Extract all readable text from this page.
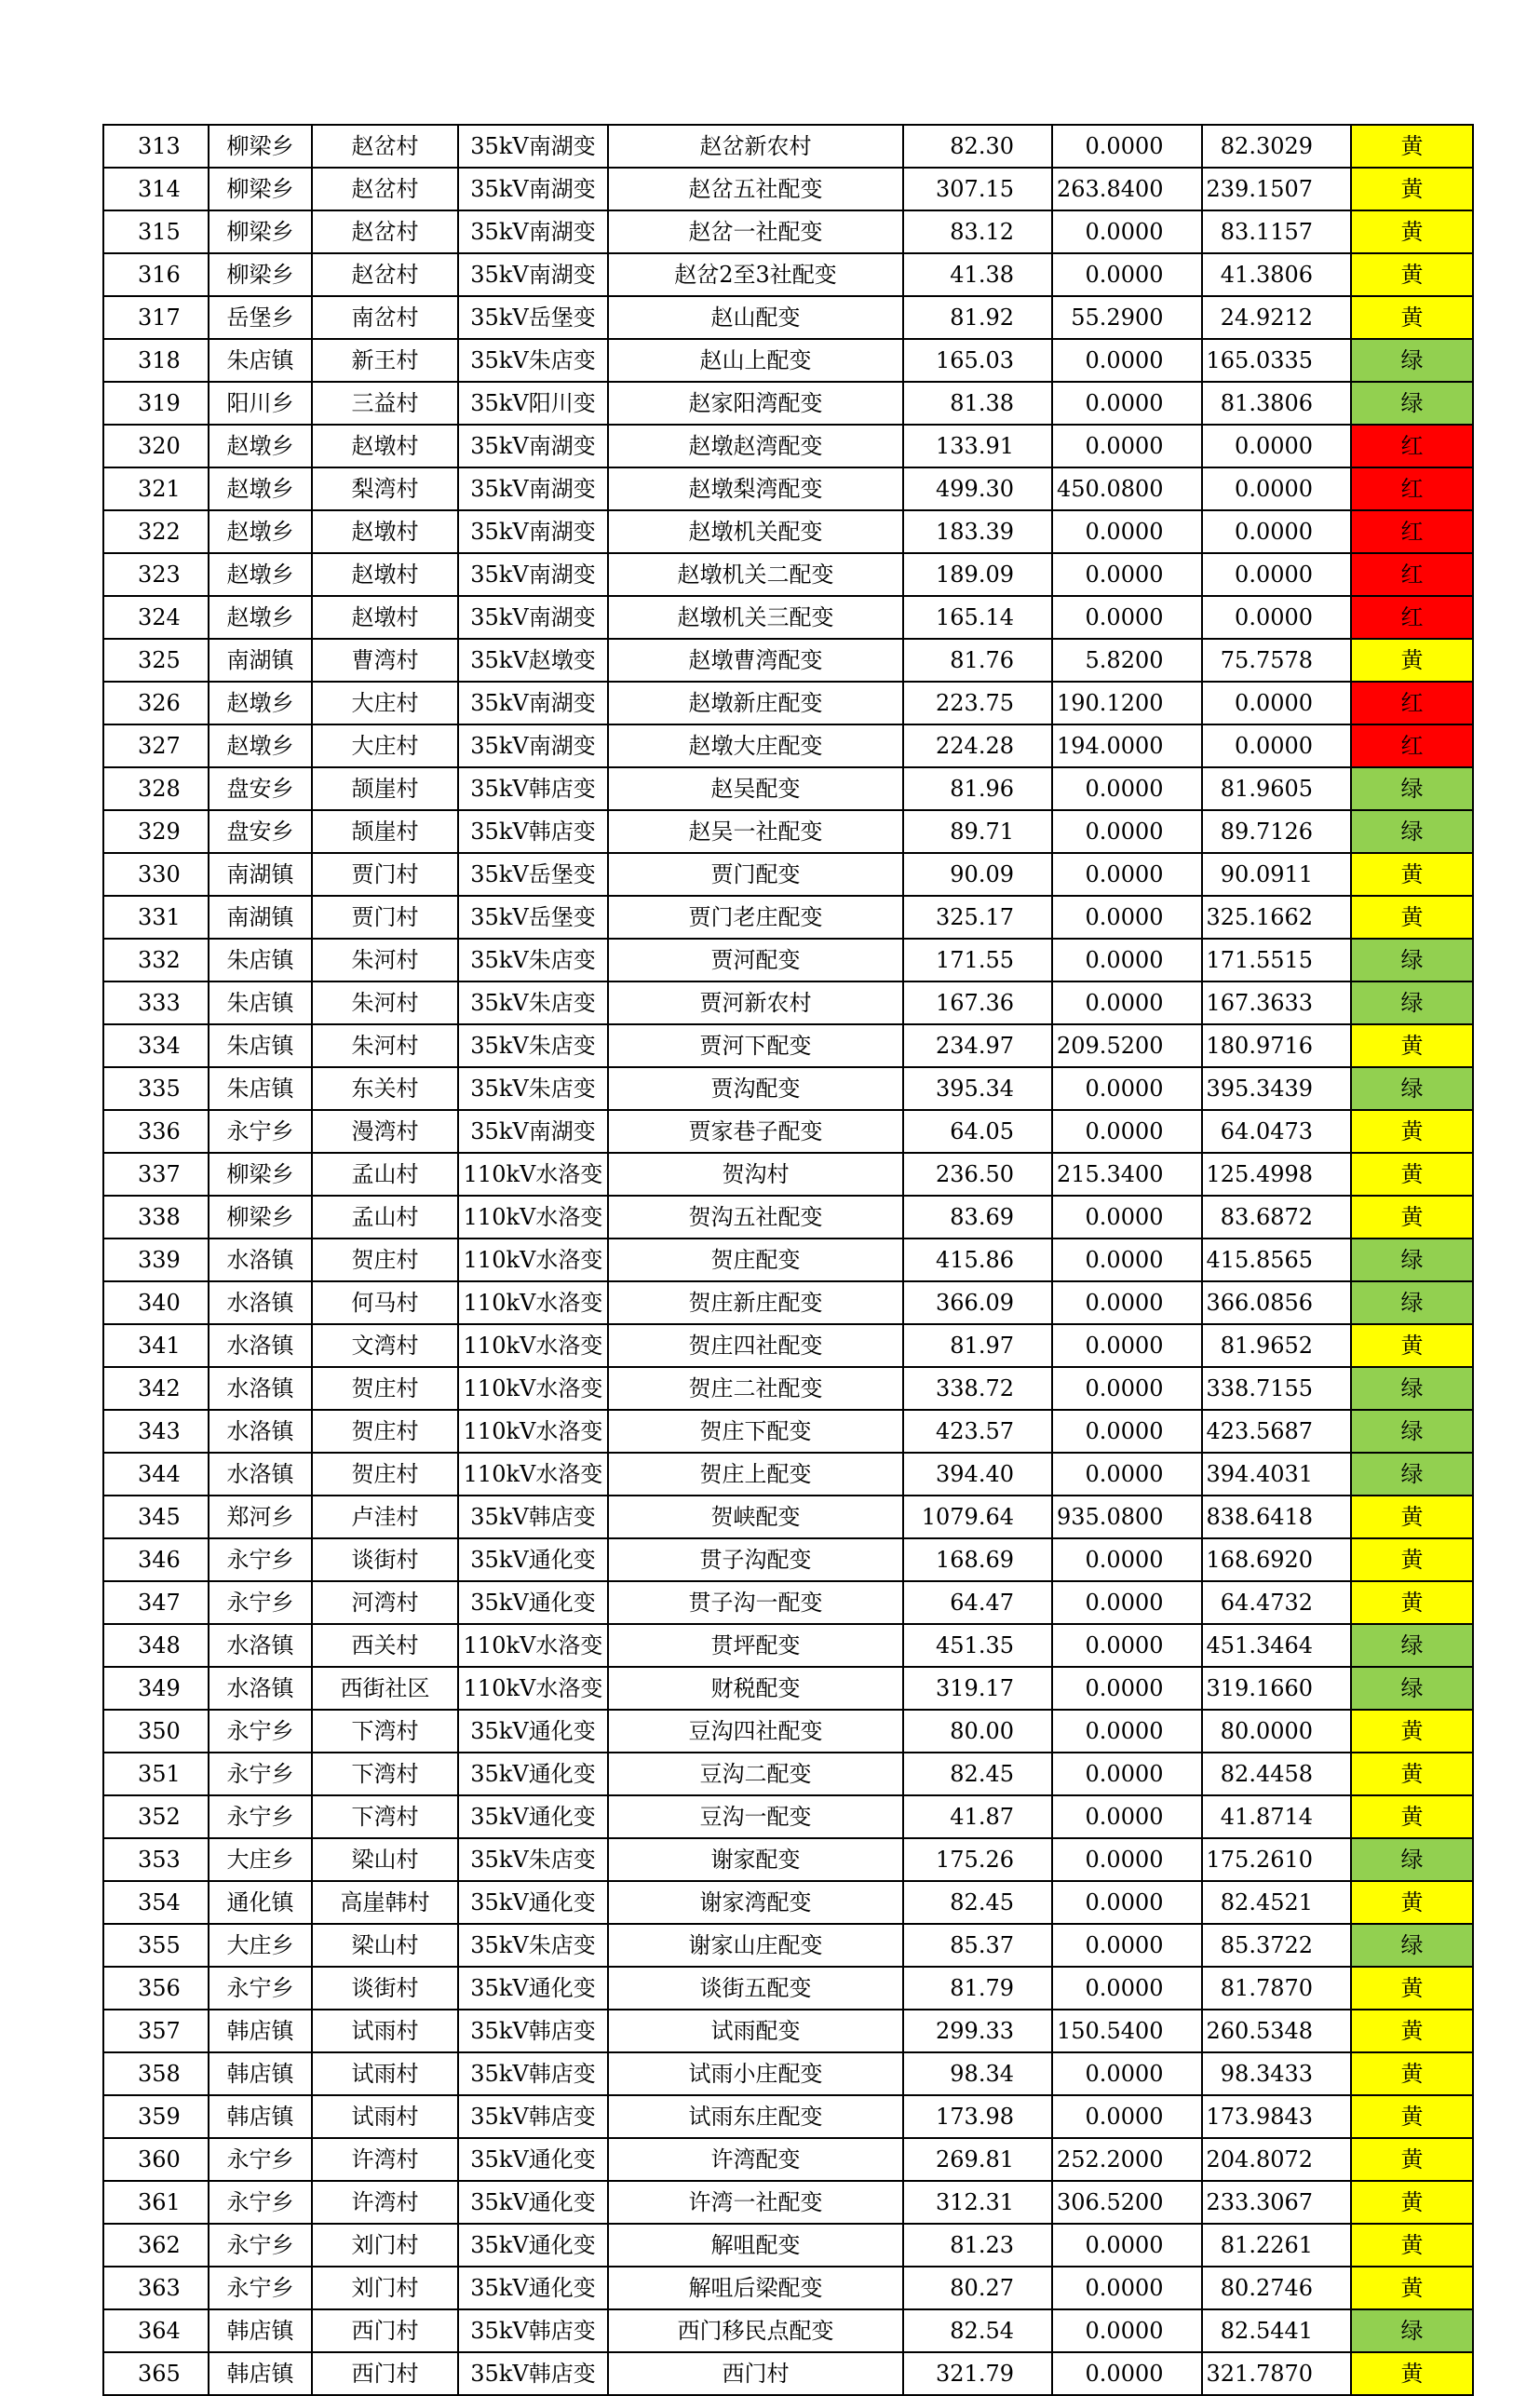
313	柳梁乡	赵岔村	35kV南湖变	赵岔新农村	82.30	0.0000	82.3029	黄
314	柳梁乡	赵岔村	35kV南湖变	赵岔五社配变	307.15	263.8400	239.1507	黄
315	柳梁乡	赵岔村	35kV南湖变	赵岔一社配变	83.12	0.0000	83.1157	黄
316	柳梁乡	赵岔村	35kV南湖变	赵岔2至3社配变	41.38	0.0000	41.3806	黄
317	岳堡乡	南岔村	35kV岳堡变	赵山配变	81.92	55.2900	24.9212	黄
318	朱店镇	新王村	35kV朱店变	赵山上配变	165.03	0.0000	165.0335	绿
319	阳川乡	三益村	35kV阳川变	赵家阳湾配变	81.38	0.0000	81.3806	绿
320	赵墩乡	赵墩村	35kV南湖变	赵墩赵湾配变	133.91	0.0000	0.0000	红
321	赵墩乡	梨湾村	35kV南湖变	赵墩梨湾配变	499.30	450.0800	0.0000	红
322	赵墩乡	赵墩村	35kV南湖变	赵墩机关配变	183.39	0.0000	0.0000	红
323	赵墩乡	赵墩村	35kV南湖变	赵墩机关二配变	189.09	0.0000	0.0000	红
324	赵墩乡	赵墩村	35kV南湖变	赵墩机关三配变	165.14	0.0000	0.0000	红
325	南湖镇	曹湾村	35kV赵墩变	赵墩曹湾配变	81.76	5.8200	75.7578	黄
326	赵墩乡	大庄村	35kV南湖变	赵墩新庄配变	223.75	190.1200	0.0000	红
327	赵墩乡	大庄村	35kV南湖变	赵墩大庄配变	224.28	194.0000	0.0000	红
328	盘安乡	颉崖村	35kV韩店变	赵吴配变	81.96	0.0000	81.9605	绿
329	盘安乡	颉崖村	35kV韩店变	赵吴一社配变	89.71	0.0000	89.7126	绿
330	南湖镇	贾门村	35kV岳堡变	贾门配变	90.09	0.0000	90.0911	黄
331	南湖镇	贾门村	35kV岳堡变	贾门老庄配变	325.17	0.0000	325.1662	黄
332	朱店镇	朱河村	35kV朱店变	贾河配变	171.55	0.0000	171.5515	绿
333	朱店镇	朱河村	35kV朱店变	贾河新农村	167.36	0.0000	167.3633	绿
334	朱店镇	朱河村	35kV朱店变	贾河下配变	234.97	209.5200	180.9716	黄
335	朱店镇	东关村	35kV朱店变	贾沟配变	395.34	0.0000	395.3439	绿
336	永宁乡	漫湾村	35kV南湖变	贾家巷子配变	64.05	0.0000	64.0473	黄
337	柳梁乡	孟山村	110kV水洛变	贺沟村	236.50	215.3400	125.4998	黄
338	柳梁乡	孟山村	110kV水洛变	贺沟五社配变	83.69	0.0000	83.6872	黄
339	水洛镇	贺庄村	110kV水洛变	贺庄配变	415.86	0.0000	415.8565	绿
340	水洛镇	何马村	110kV水洛变	贺庄新庄配变	366.09	0.0000	366.0856	绿
341	水洛镇	文湾村	110kV水洛变	贺庄四社配变	81.97	0.0000	81.9652	黄
342	水洛镇	贺庄村	110kV水洛变	贺庄二社配变	338.72	0.0000	338.7155	绿
343	水洛镇	贺庄村	110kV水洛变	贺庄下配变	423.57	0.0000	423.5687	绿
344	水洛镇	贺庄村	110kV水洛变	贺庄上配变	394.40	0.0000	394.4031	绿
345	郑河乡	卢洼村	35kV韩店变	贺峡配变	1079.64	935.0800	838.6418	黄
346	永宁乡	谈街村	35kV通化变	贯子沟配变	168.69	0.0000	168.6920	黄
347	永宁乡	河湾村	35kV通化变	贯子沟一配变	64.47	0.0000	64.4732	黄
348	水洛镇	西关村	110kV水洛变	贯坪配变	451.35	0.0000	451.3464	绿
349	水洛镇	西街社区	110kV水洛变	财税配变	319.17	0.0000	319.1660	绿
350	永宁乡	下湾村	35kV通化变	豆沟四社配变	80.00	0.0000	80.0000	黄
351	永宁乡	下湾村	35kV通化变	豆沟二配变	82.45	0.0000	82.4458	黄
352	永宁乡	下湾村	35kV通化变	豆沟一配变	41.87	0.0000	41.8714	黄
353	大庄乡	梁山村	35kV朱店变	谢家配变	175.26	0.0000	175.2610	绿
354	通化镇	高崖韩村	35kV通化变	谢家湾配变	82.45	0.0000	82.4521	黄
355	大庄乡	梁山村	35kV朱店变	谢家山庄配变	85.37	0.0000	85.3722	绿
356	永宁乡	谈街村	35kV通化变	谈街五配变	81.79	0.0000	81.7870	黄
357	韩店镇	试雨村	35kV韩店变	试雨配变	299.33	150.5400	260.5348	黄
358	韩店镇	试雨村	35kV韩店变	试雨小庄配变	98.34	0.0000	98.3433	黄
359	韩店镇	试雨村	35kV韩店变	试雨东庄配变	173.98	0.0000	173.9843	黄
360	永宁乡	许湾村	35kV通化变	许湾配变	269.81	252.2000	204.8072	黄
361	永宁乡	许湾村	35kV通化变	许湾一社配变	312.31	306.5200	233.3067	黄
362	永宁乡	刘门村	35kV通化变	解咀配变	81.23	0.0000	81.2261	黄
363	永宁乡	刘门村	35kV通化变	解咀后梁配变	80.27	0.0000	80.2746	黄
364	韩店镇	西门村	35kV韩店变	西门移民点配变	82.54	0.0000	82.5441	绿
365	韩店镇	西门村	35kV韩店变	西门村	321.79	0.0000	321.7870	黄
